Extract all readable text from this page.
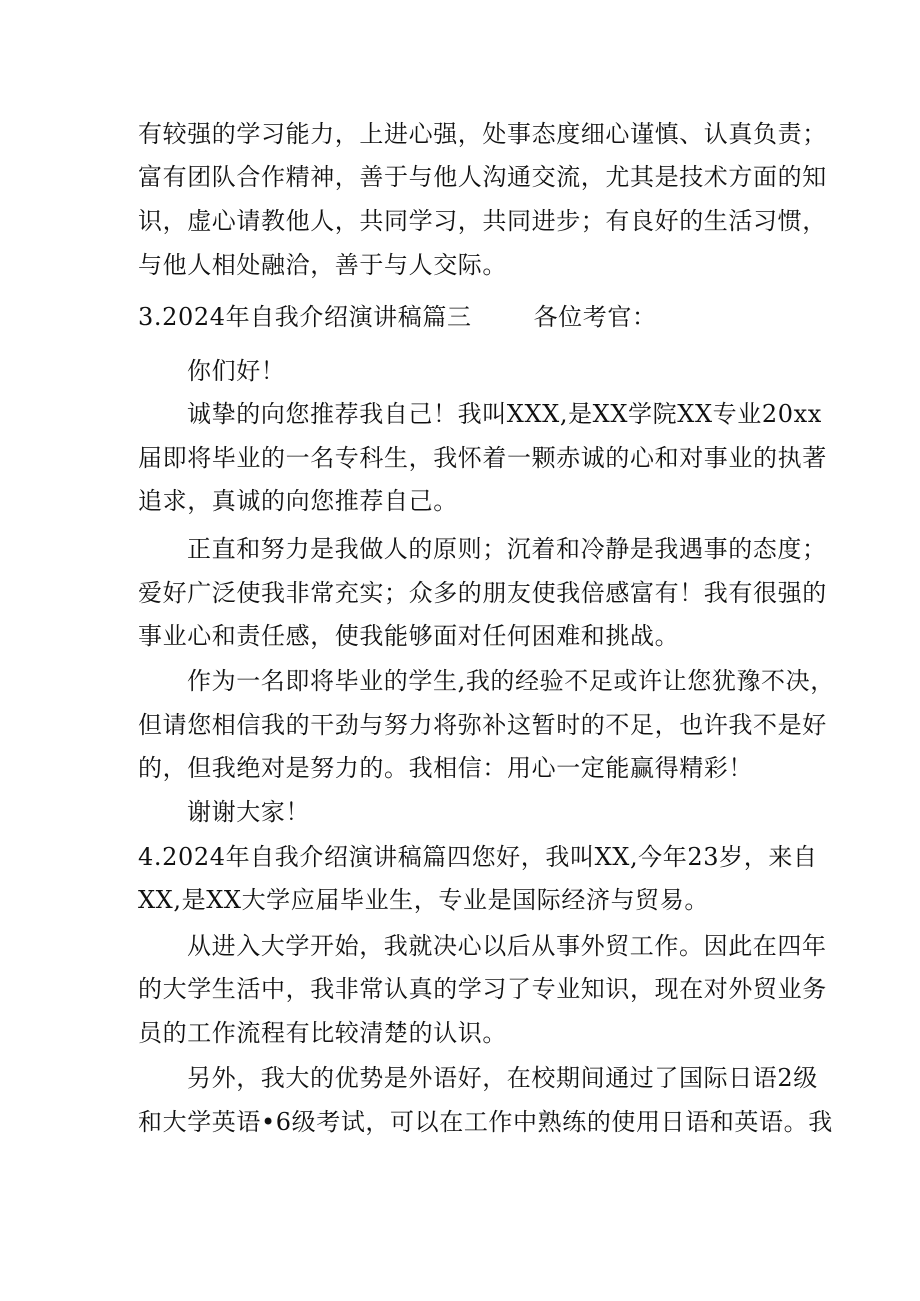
有较强的学习能力，上进心强，处事态度细心谨慎、认真负责；
富有团队合作精神，善于与他人沟通交流，尤其是技术方面的知
识，虚心请教他人，共同学习，共同进步；有良好的生活习惯，
与他人相处融洽，善于与人交际。
3.2024年自我介绍演讲稿篇三	各位考官：
你们好！
诚挚的向您推荐我自己！我叫XXX,是XX学院XX专业20xx
届即将毕业的一名专科生，我怀着一颗赤诚的心和对事业的执著
追求，真诚的向您推荐自己。
正直和努力是我做人的原则；沉着和冷静是我遇事的态度；
爱好广泛使我非常充实；众多的朋友使我倍感富有！我有很强的
事业心和责任感，使我能够面对任何困难和挑战。
作为一名即将毕业的学生,我的经验不足或许让您犹豫不决，
但请您相信我的干劲与努力将弥补这暂时的不足，也许我不是好
的，但我绝对是努力的。我相信：用心一定能赢得精彩！
谢谢大家！
4.2024年自我介绍演讲稿篇四您好，我叫XX,今年23岁，来自
XX,是XX大学应届毕业生，专业是国际经济与贸易。
从进入大学开始，我就决心以后从事外贸工作。因此在四年
的大学生活中，我非常认真的学习了专业知识，现在对外贸业务
员的工作流程有比较清楚的认识。
另外，我大的优势是外语好，在校期间通过了国际日语2级
和大学英语•6级考试，可以在工作中熟练的使用日语和英语。我
